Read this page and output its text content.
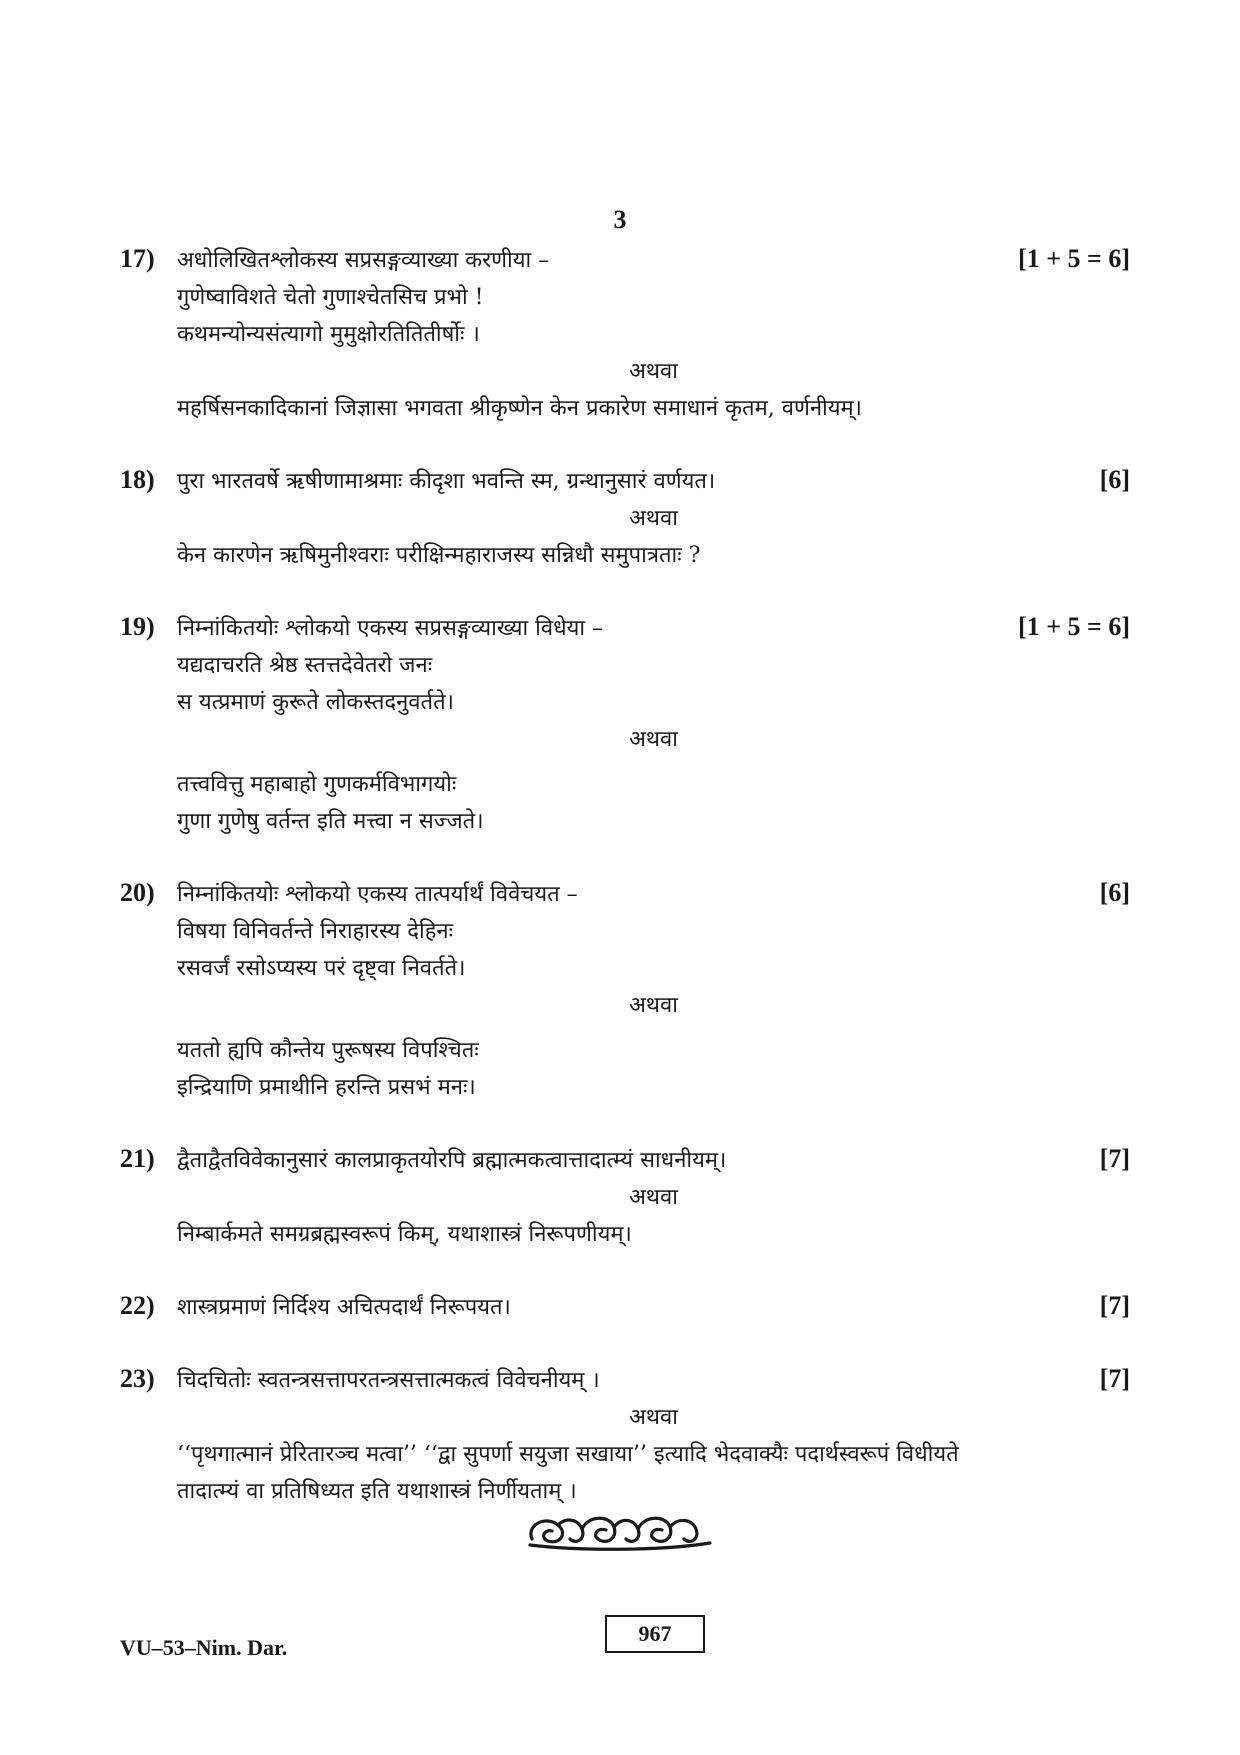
3
17) अधोलिखितश्लोकस्य सप्रसङ्गव्याख्या करणीया –	[1 + 5 = 6]
गुणेष्वाविशते चेतो गुणाश्चेतसिच प्रभो !
कथमन्योन्यसंत्यागो मुमुक्षोरतितितीर्षोः ।
अथवा
महर्षिसनकादिकानां जिज्ञासा भगवता श्रीकृष्णेन केन प्रकारेण समाधानं कृतम, वर्णनीयम्।
18) पुरा भारतवर्षे ऋषीणामाश्रमाः कीदृशा भवन्ति स्म, ग्रन्थानुसारं वर्णयत।	[6]
अथवा
केन कारणेन ऋषिमुनीश्वराः परीक्षिन्महाराजस्य सन्निधौ समुपात्रताः ?
19) निम्नांकितयोः श्लोकयो एकस्य सप्रसङ्गव्याख्या विधेया –	[1 + 5 = 6]
यद्यदाचरति श्रेष्ठ स्तत्तदेवेतरो जनः
स यत्प्रमाणं कुरूते लोकस्तदनुवर्तते।
अथवा
तत्त्ववित्तु महाबाहो गुणकर्मविभागयोः
गुणा गुणेषु वर्तन्त इति मत्त्वा न सज्जते।
20) निम्नांकितयोः श्लोकयो एकस्य तात्पर्यार्थं विवेचयत –	[6]
विषया विनिवर्तन्ते निराहारस्य देहिनः
रसवर्जं रसोऽप्यस्य परं दृष्ट्वा निवर्तते।
अथवा
यततो ह्यपि कौन्तेय पुरूषस्य विपश्चितः
इन्द्रियाणि प्रमाथीनि हरन्ति प्रसभं मनः।
21) द्वैताद्वैतविवेकानुसारं कालप्राकृतयोरपि ब्रह्मात्मकत्वात्तादात्म्यं साधनीयम्।	[7]
अथवा
निम्बार्कमते समग्रब्रह्मस्वरूपं किम्, यथाशास्त्रं निरूपणीयम्।
22) शास्त्रप्रमाणं निर्दिश्य अचित्पदार्थं निरूपयत।	[7]
23) चिदचितोः स्वतन्त्रसत्तापरतन्त्रसत्तात्मकत्वं विवेचनीयम् ।	[7]
अथवा
‘‘पृथगात्मानं प्रेरितारञ्च मत्वा’’ ‘‘द्वा सुपर्णा सयुजा सखाया’’ इत्यादि भेदवाक्यैः पदार्थस्वरूपं विधीयते
तादात्म्यं वा प्रतिषिध्यत इति यथाशास्त्रं निर्णीयताम् ।
VU–53–Nim. Dar.
967
